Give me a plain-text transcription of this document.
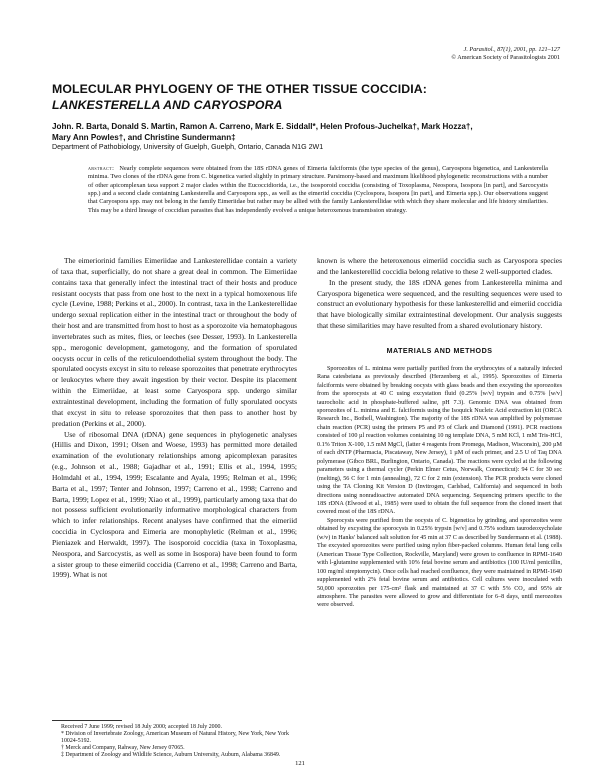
J. Parasitol., 87(1), 2001, pp. 121–127
© American Society of Parasitologists 2001
MOLECULAR PHYLOGENY OF THE OTHER TISSUE COCCIDIA:
LANKESTERELLA AND CARYOSPORA
John. R. Barta, Donald S. Martin, Ramon A. Carreno, Mark E. Siddall*, Helen Profous-Juchelka†, Mark Hozza†,
Mary Ann Powles†, and Christine Sundermann‡
Department of Pathobiology, University of Guelph, Guelph, Ontario, Canada N1G 2W1
abstract: Nearly complete sequences were obtained from the 18S rDNA genes of Eimeria falciformis (the type species of the genus), Caryospora bigenetica, and Lankesterella minima. Two clones of the rDNA gene from C. bigenetica varied slightly in primary structure. Parsimony-based and maximum likelihood phylogenetic reconstructions with a number of other apicomplexan taxa support 2 major clades within the Eucoccidiorida, i.e., the isosporoid coccidia (consisting of Toxoplasma, Neospora, Isospora [in part], and Sarcocystis spp.) and a second clade containing Lankesterella and Caryospora spp., as well as the eimeriid coccidia (Cyclospora, Isospora [in part], and Eimeria spp.). Our observations suggest that Caryospora spp. may not belong in the family Eimeriidae but rather may be allied with the family Lankesterellidae with which they share molecular and life history similarities. This may be a third lineage of coccidian parasites that has independently evolved a unique heteroxenous transmission strategy.

The eimeriorinid families Eimeriidae and Lankesterellidae contain a variety of taxa that, superficially, do not share a great deal in common. The Eimeriidae contains taxa that generally infect the intestinal tract of their hosts and produce resistant oocysts that pass from one host to the next in a typical homoxenous life cycle (Levine, 1988; Perkins et al., 2000). In contrast, taxa in the Lankesterellidae undergo sexual replication either in the intestinal tract or throughout the body of their host and are transmitted from host to host as a sporozoite via hematophagous invertebrates such as mites, flies, or leeches (see Desser, 1993). In Lankesterella spp., merogonic development, gametogony, and the formation of sporulated oocysts occur in cells of the reticuloendothelial system throughout the body. The sporulated oocysts excyst in situ to release sporozoites that penetrate erythrocytes or leukocytes where they await ingestion by their vector. Despite its placement within the Eimeriidae, at least some Caryospora spp. undergo similar extraintestinal development, including the formation of fully sporulated oocysts that excyst in situ to release sporozoites that then pass to another host by predation (Perkins et al., 2000).

Use of ribosomal DNA (rDNA) gene sequences in phylogenetic analyses (Hillis and Dixon, 1991; Olsen and Woese, 1993) has permitted more detailed examination of the evolutionary relationships among apicomplexan parasites (e.g., Johnson et al., 1988; Gajadhar et al., 1991; Ellis et al., 1994, 1995; Holmdahl et al., 1994, 1999; Escalante and Ayala, 1995; Relman et al., 1996; Barta et al., 1997; Tenter and Johnson, 1997; Carreno et al., 1998; Carreno and Barta, 1999; Lopez et al., 1999; Xiao et al., 1999), particularly among taxa that do not possess sufficient evolutionarily informative morphological characters from which to infer relationships. Recent analyses have confirmed that the eimeriid coccidia in Cyclospora and Eimeria are monophyletic (Relman et al., 1996; Pieniazek and Herwaldt, 1997). The isosporoid coccidia (taxa in Toxoplasma, Neospora, and Sarcocystis, as well as some in Isospora) have been found to form a sister group to these eimeriid coccidia (Carreno et al., 1998; Carreno and Barta, 1999). What is not

known is where the heteroxenous eimeriid coccidia such as Caryospora species and the lankesterellid coccidia belong relative to these 2 well-supported clades.

In the present study, the 18S rDNA genes from Lankesterella minima and Caryospora bigenetica were sequenced, and the resulting sequences were used to construct an evolutionary hypothesis for these lankesterellid and eimeriid coccidia that have biologically similar extraintestinal development. Our analysis suggests that these similarities may have resulted from a shared evolutionary history.

MATERIALS AND METHODS

Sporozoites of L. minima were partially purified from the erythrocytes of a naturally infected Rana catesbeiana as previously described (Herzenberg et al., 1995). Sporozoites of Eimeria falciformis were obtained by breaking oocysts with glass beads and then excysting the sporozoites from the sporocysts at 40 C using excystation fluid (0.25% [w/v] trypsin and 0.75% [w/v] taurocholic acid in phosphate-buffered saline, pH 7.3). Genomic DNA was obtained from sporozoites of L. minima and E. falciformis using the Isoquick Nucleic Acid extraction kit (ORCA Research Inc., Bothell, Washington). The majority of the 18S rDNA was amplified by polymerase chain reaction (PCR) using the primers P5 and P3 of Clark and Diamond (1991). PCR reactions consisted of 100 µl reaction volumes containing 10 ng template DNA, 5 mM KCl, 1 mM Tris-HCl, 0.1% Triton X-100, 1.5 mM MgCl₂ (latter 4 reagents from Promega, Madison, Wisconsin), 200 µM of each dNTP (Pharmacia, Piscataway, New Jersey), 1 µM of each primer, and 2.5 U of Taq DNA polymerase (Gibco BRL, Burlington, Ontario, Canada). The reactions were cycled at the following parameters using a thermal cycler (Perkin Elmer Cetus, Norwalk, Connecticut): 94 C for 30 sec (melting), 56 C for 1 min (annealing), 72 C for 2 min (extension). The PCR products were cloned using the TA Cloning Kit Version D (Invitrogen, Carlsbad, California) and sequenced in both directions using nonradioactive automated DNA sequencing. Sequencing primers specific to the 18S rDNA (Elwood et al., 1985) were used to obtain the full sequence from the cloned insert that covered most of the 18S rDNA.

Sporocysts were purified from the oocysts of C. bigenetica by grinding, and sporozoites were obtained by excysting the sporocysts in 0.25% trypsin [w/v] and 0.75% sodium taurodeoxycholate (w/v) in Hanks' balanced salt solution for 45 min at 37 C as described by Sundermann et al. (1988). The excysted sporozoites were purified using nylon fiber-packed columns. Human fetal lung cells (American Tissue Type Collection, Rockville, Maryland) were grown to confluence in RPMI-1640 with l-glutamine supplemented with 10% fetal bovine serum and antibiotics (100 IU/ml penicillin, 100 mg/ml streptomycin). Once cells had reached confluence, they were maintained in RPMI-1640 supplemented with 2% fetal bovine serum and antibiotics. Cell cultures were inoculated with 50,000 sporozoites per 175-cm² flask and maintained at 37 C with 5% CO₂ and 95% air atmosphere. The parasites were allowed to grow and differentiate for 6–8 days, until merozoites were observed.

Received 7 June 1999; revised 18 July 2000; accepted 18 July 2000.
* Division of Invertebrate Zoology, American Museum of Natural History, New York, New York 10024-5192.
† Merck and Company, Rahway, New Jersey 07065.
‡ Department of Zoology and Wildlife Science, Auburn University, Auburn, Alabama 36849.
121
